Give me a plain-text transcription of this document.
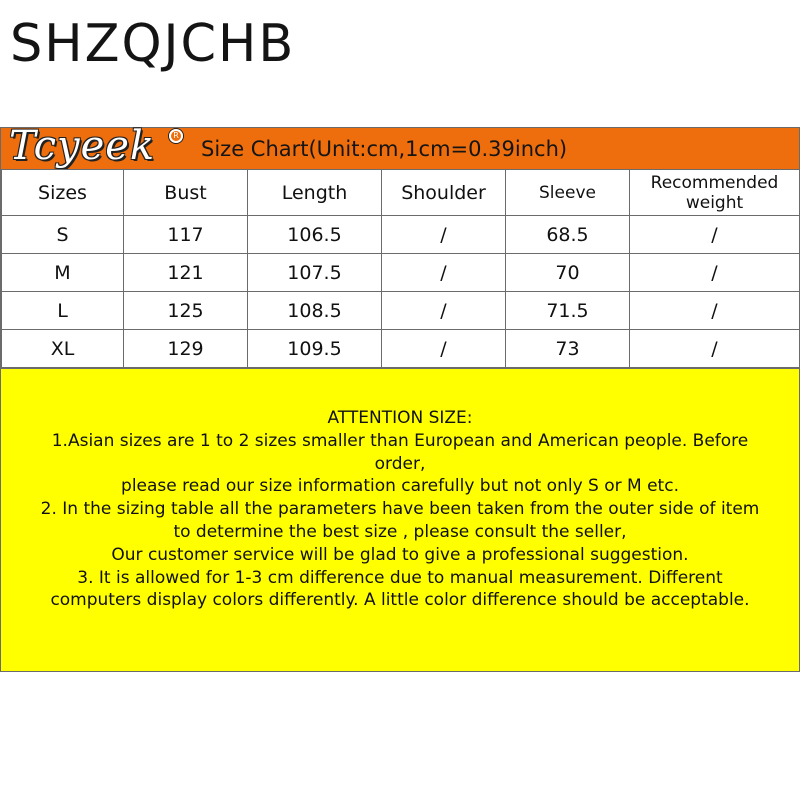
SHZQJCHB
Tcyeek	R
Size Chart(Unit:cm,1cm=0.39inch)
Sizes	Bust	Length	Shoulder	Sleeve	Recommended weight
S	117	106.5	/	68.5	/
M	121	107.5	/	70	/
L	125	108.5	/	71.5	/
XL	129	109.5	/	73	/
ATTENTION SIZE:
1.Asian sizes are 1 to 2 sizes smaller than European and American people. Before
order,
please read our size information carefully but not only S or M etc.
2. In the sizing table all the parameters have been taken from the outer side of item
to determine the best size , please consult the seller,
Our customer service will be glad to give a professional suggestion.
3. It is allowed for 1-3 cm difference due to manual measurement. Different
computers display colors differently. A little color difference should be acceptable.
